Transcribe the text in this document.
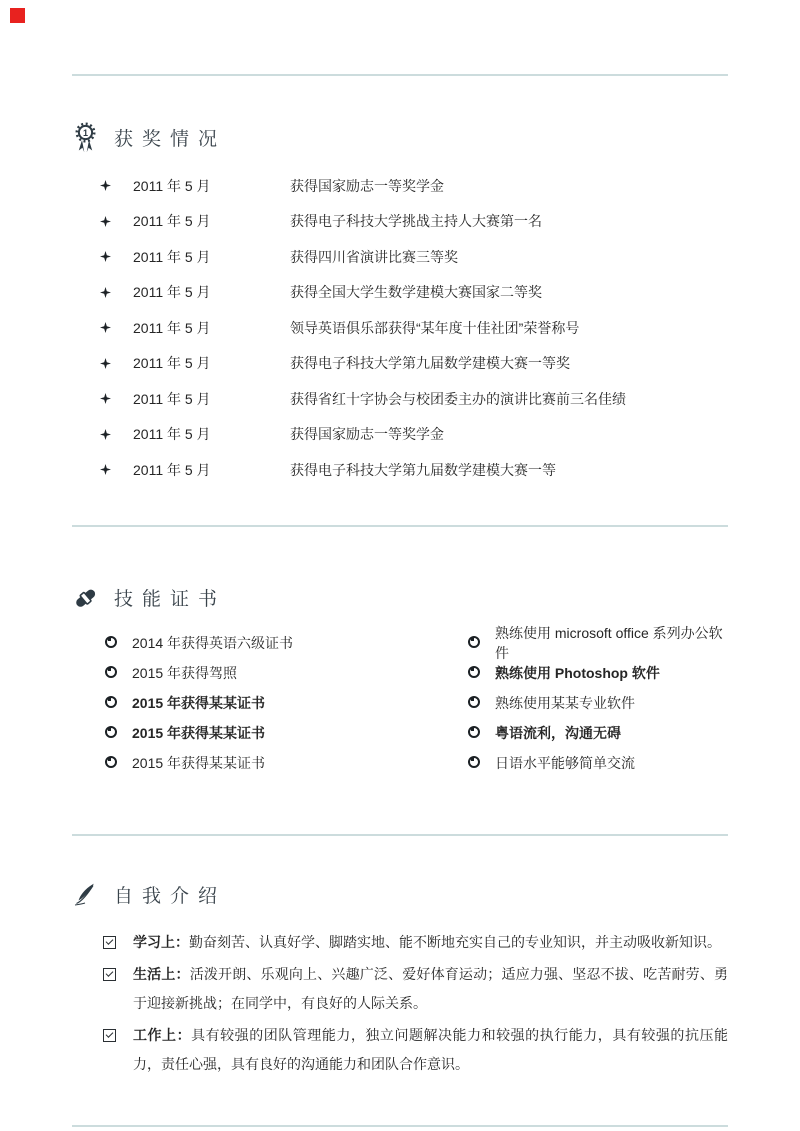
1 获奖情况
2011 年 5 月	获得国家励志一等奖学金
2011 年 5 月	获得电子科技大学挑战主持人大赛第一名
2011 年 5 月	获得四川省演讲比赛三等奖
2011 年 5 月	获得全国大学生数学建模大赛国家二等奖
2011 年 5 月	领导英语俱乐部获得“某年度十佳社团”荣誉称号
2011 年 5 月	获得电子科技大学第九届数学建模大赛一等奖
2011 年 5 月	获得省红十字协会与校团委主办的演讲比赛前三名佳绩
2011 年 5 月	获得国家励志一等奖学金
2011 年 5 月	获得电子科技大学第九届数学建模大赛一等
技能证书
2014 年获得英语六级证书
2015 年获得驾照
2015 年获得某某证书
2015 年获得某某证书
2015 年获得某某证书
熟练使用 microsoft office 系列办公软件
熟练使用 Photoshop 软件
熟练使用某某专业软件
粤语流利，沟通无碍
日语水平能够简单交流
自我介绍
学习上：勤奋刻苦、认真好学、脚踏实地、能不断地充实自己的专业知识，并主动吸收新知识。
生活上：活泼开朗、乐观向上、兴趣广泛、爱好体育运动；适应力强、坚忍不拔、吃苦耐劳、勇于迎接新挑战；在同学中，有良好的人际关系。
工作上：具有较强的团队管理能力，独立问题解决能力和较强的执行能力，具有较强的抗压能力，责任心强，具有良好的沟通能力和团队合作意识。
